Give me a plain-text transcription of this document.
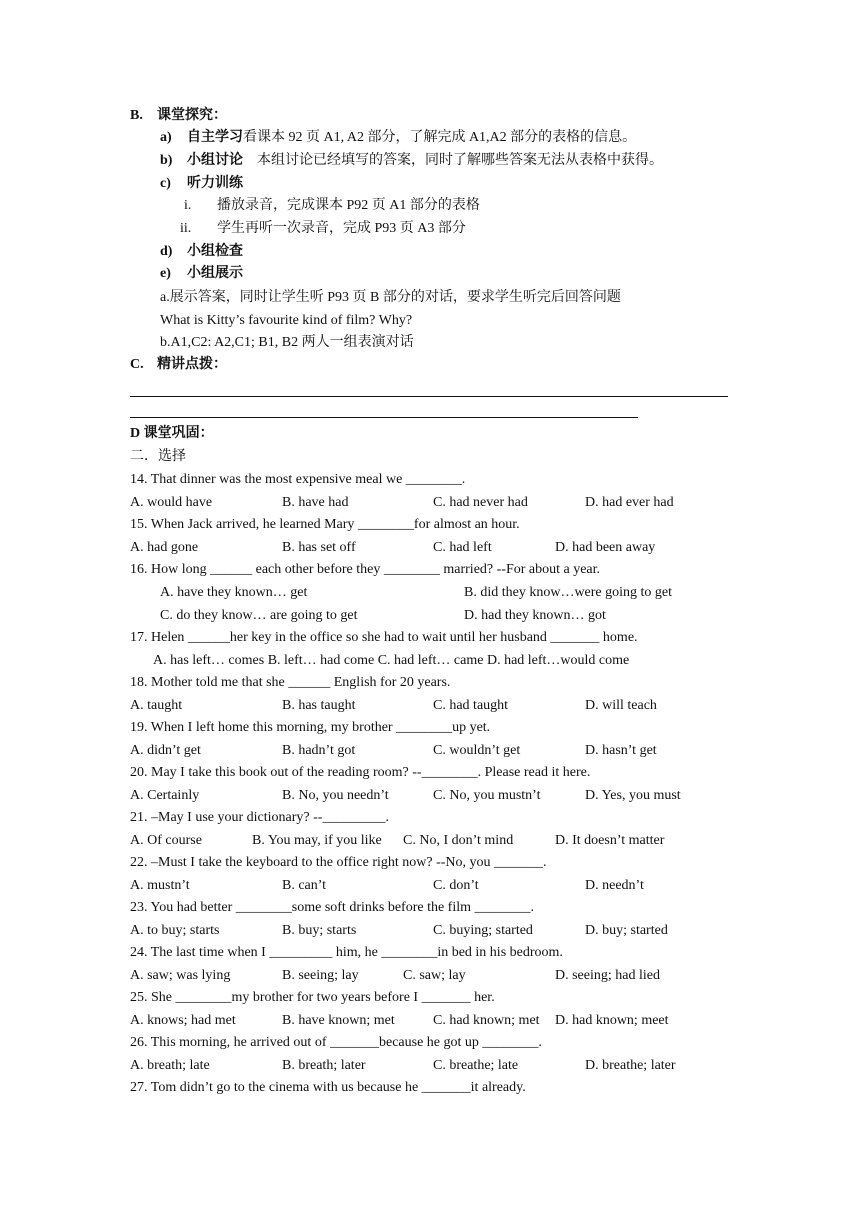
B. 课堂探究：
a) 自主学习看课本 92 页 A1, A2 部分，了解完成 A1,A2 部分的表格的信息。
b) 小组讨论 本组讨论已经填写的答案，同时了解哪些答案无法从表格中获得。
c) 听力训练
i. 播放录音，完成课本 P92 页 A1 部分的表格
ii. 学生再听一次录音，完成 P93 页 A3 部分
d) 小组检查
e) 小组展示
a.展示答案，同时让学生听 P93 页 B 部分的对话，要求学生听完后回答问题
What is Kitty’s favourite kind of film? Why?
b.A1,C2: A2,C1; B1, B2 两人一组表演对话
C. 精讲点拨：
D 课堂巩固：
二．选择
14. That dinner was the most expensive meal we ________.
A. would have	B. have had	C. had never had	D. had ever had
15. When Jack arrived, he learned Mary ________for almost an hour.
A. had gone	B. has set off	C. had left	D. had been away
16. How long ______ each other before they ________ married? --For about a year.
A. have they known… get	B. did they know…were going to get
C. do they know… are going to get	D. had they known… got
17. Helen ______her key in the office so she had to wait until her husband _______ home.
A. has left… comes B. left… had come C. had left… came D. had left…would come
18. Mother told me that she ______ English for 20 years.
A. taught	B. has taught	C. had taught	D. will teach
19. When I left home this morning, my brother ________up yet.
A. didn’t get	B. hadn’t got	C. wouldn’t get	D. hasn’t get
20. May I take this book out of the reading room? --________. Please read it here.
A. Certainly	B. No, you needn’t	C. No, you mustn’t	D. Yes, you must
21. –May I use your dictionary? --_________.
A. Of course	B. You may, if you like C. No, I don’t mind	D. It doesn’t matter
22. –Must I take the keyboard to the office right now? --No, you _______.
A. mustn’t	B. can’t	C. don’t	D. needn’t
23. You had better ________some soft drinks before the film ________.
A. to buy; starts	B. buy; starts	C. buying; started	D. buy; started
24. The last time when I _________ him, he ________in bed in his bedroom.
A. saw; was lying	B. seeing; lay	C. saw; lay	D. seeing; had lied
25. She ________my brother for two years before I _______ her.
A. knows; had met	B. have known; met	C. had known; met D. had known; meet
26. This morning, he arrived out of _______because he got up ________.
A. breath; late	B. breath; later	C. breathe; late	D. breathe; later
27. Tom didn’t go to the cinema with us because he _______it already.
